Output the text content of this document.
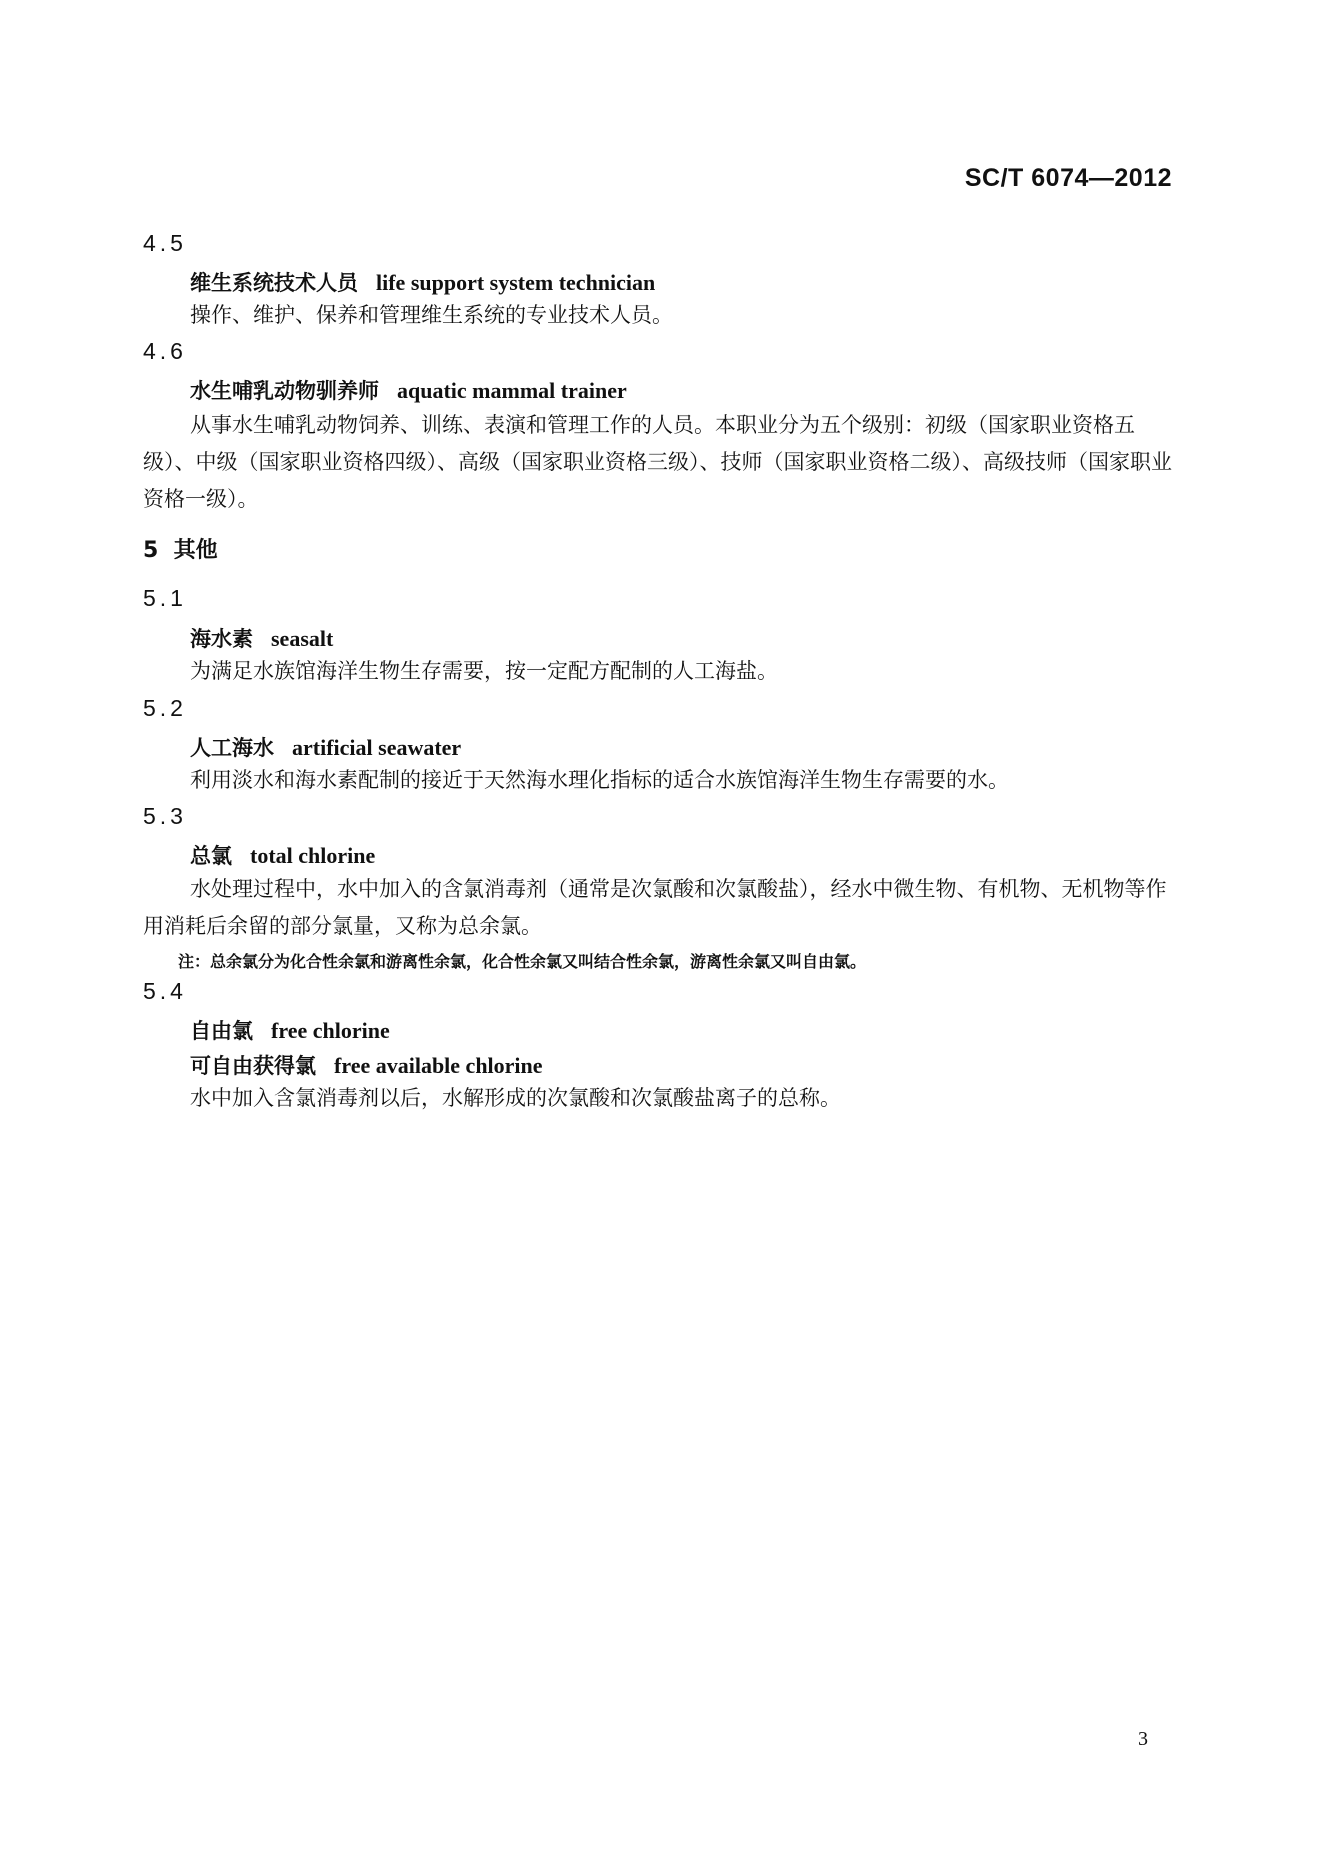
SC/T 6074—2012
4.5
维生系统技术人员 life support system technician
操作、维护、保养和管理维生系统的专业技术人员。
4.6
水生哺乳动物驯养师 aquatic mammal trainer
从事水生哺乳动物饲养、训练、表演和管理工作的人员。本职业分为五个级别：初级（国家职业资格五级）、中级（国家职业资格四级）、高级（国家职业资格三级）、技师（国家职业资格二级）、高级技师（国家职业资格一级）。
5  其他
5.1
海水素 seasalt
为满足水族馆海洋生物生存需要，按一定配方配制的人工海盐。
5.2
人工海水 artificial seawater
利用淡水和海水素配制的接近于天然海水理化指标的适合水族馆海洋生物生存需要的水。
5.3
总氯 total chlorine
水处理过程中，水中加入的含氯消毒剂（通常是次氯酸和次氯酸盐），经水中微生物、有机物、无机物等作用消耗后余留的部分氯量，又称为总余氯。
注：总余氯分为化合性余氯和游离性余氯，化合性余氯又叫结合性余氯，游离性余氯又叫自由氯。
5.4
自由氯 free chlorine
可自由获得氯 free available chlorine
水中加入含氯消毒剂以后，水解形成的次氯酸和次氯酸盐离子的总称。
3
